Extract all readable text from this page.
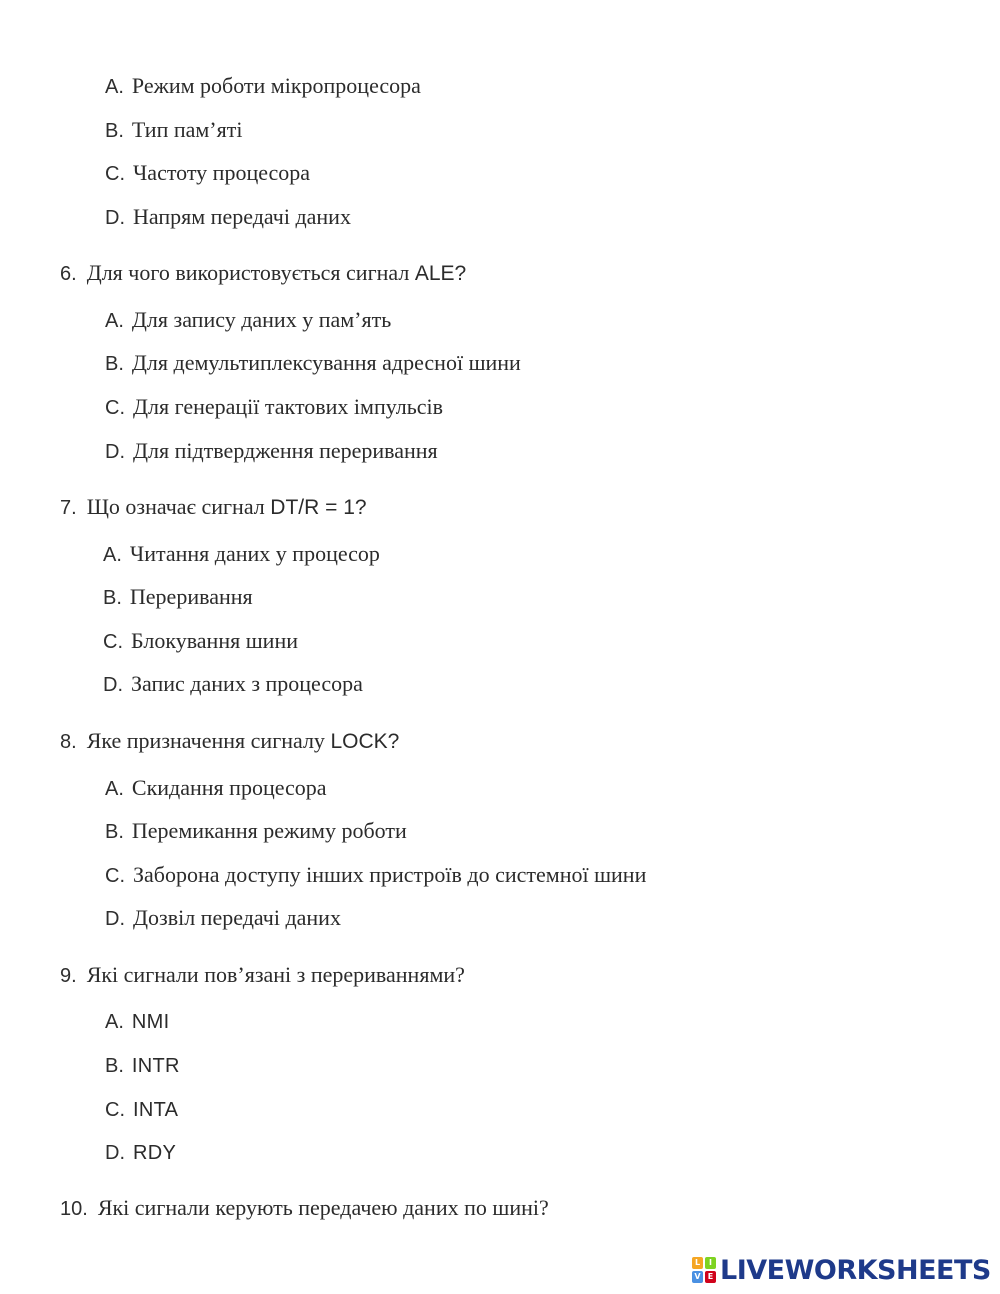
A. Режим роботи мікропроцесора
B. Тип пам’яті
C. Частоту процесора
D. Напрям передачі даних
6. Для чого використовується сигнал ALE?
A. Для запису даних у пам’ять
B. Для демультиплексування адресної шини
C. Для генерації тактових імпульсів
D. Для підтвердження переривання
7. Що означає сигнал DT/R = 1?
A. Читання даних у процесор
B. Переривання
C. Блокування шини
D. Запис даних з процесора
8. Яке призначення сигналу LOCK?
A. Скидання процесора
B. Перемикання режиму роботи
C. Заборона доступу інших пристроїв до системної шини
D. Дозвіл передачі даних
9. Які сигнали пов’язані з перериваннями?
A. NMI
B. INTR
C. INTA
D. RDY
10. Які сигнали керують передачею даних по шині?
L	I
V E LIVEWORKSHEETS
